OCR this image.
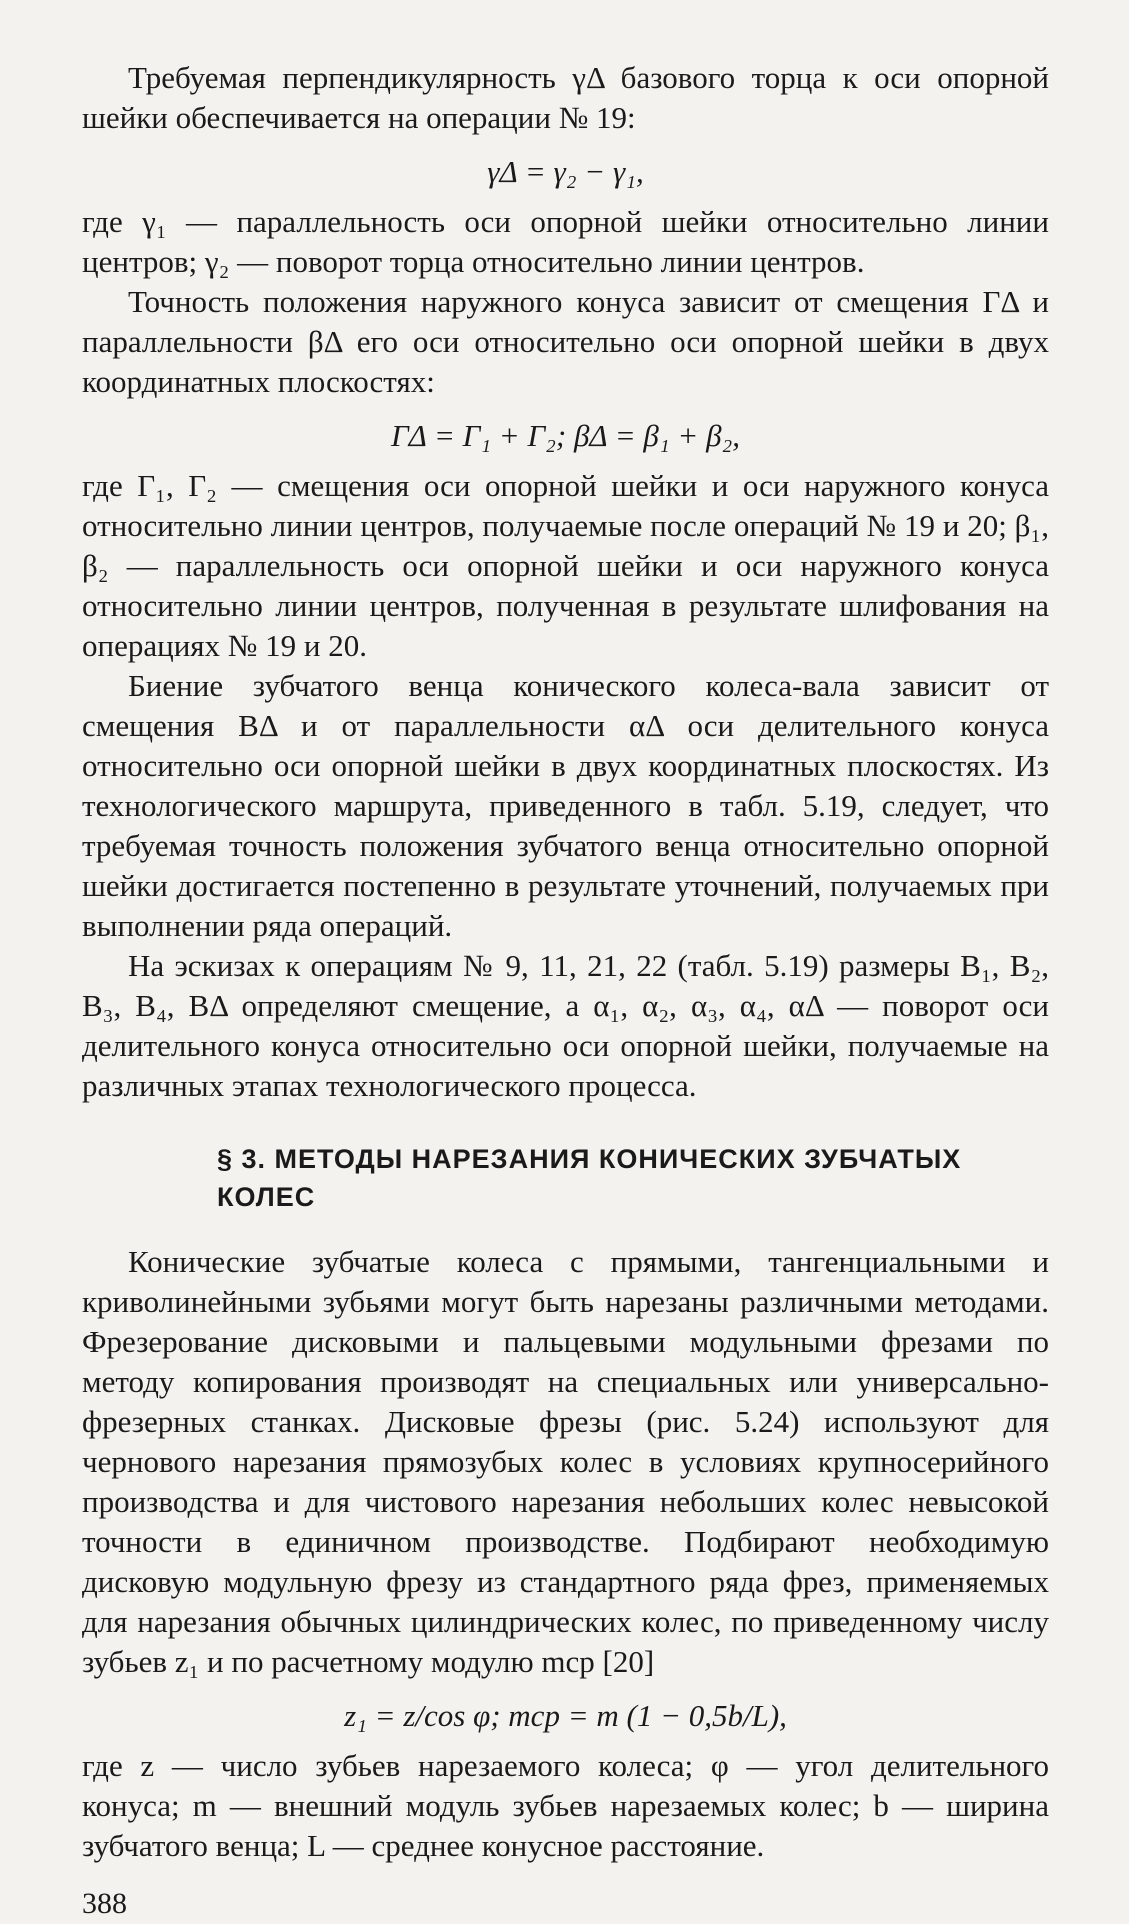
Требуемая перпендикулярность γΔ базового торца к оси опорной шейки обеспечивается на операции № 19:

γΔ = γ₂ − γ₁,

где γ₁ — параллельность оси опорной шейки относительно линии центров; γ₂ — поворот торца относительно линии центров.

Точность положения наружного конуса зависит от смещения ГΔ и параллельности βΔ его оси относительно оси опорной шейки в двух координатных плоскостях:

ГΔ = Г₁ + Г₂; βΔ = β₁ + β₂,

где Г₁, Г₂ — смещения оси опорной шейки и оси наружного конуса относительно линии центров, получаемые после операций № 19 и 20; β₁, β₂ — параллельность оси опорной шейки и оси наружного конуса относительно линии центров, полученная в результате шлифования на операциях № 19 и 20.

Биение зубчатого венца конического колеса-вала зависит от смещения BΔ и от параллельности αΔ оси делительного конуса относительно оси опорной шейки в двух координатных плоскостях. Из технологического маршрута, приведенного в табл. 5.19, следует, что требуемая точность положения зубчатого венца относительно опорной шейки достигается постепенно в результате уточнений, получаемых при выполнении ряда операций.

На эскизах к операциям № 9, 11, 21, 22 (табл. 5.19) размеры B₁, B₂, B₃, B₄, BΔ определяют смещение, а α₁, α₂, α₃, α₄, αΔ — поворот оси делительного конуса относительно оси опорной шейки, получаемые на различных этапах технологического процесса.

§ 3. МЕТОДЫ НАРЕЗАНИЯ КОНИЧЕСКИХ ЗУБЧАТЫХ КОЛЕС

Конические зубчатые колеса с прямыми, тангенциальными и криволинейными зубьями могут быть нарезаны различными методами. Фрезерование дисковыми и пальцевыми модульными фрезами по методу копирования производят на специальных или универсально-фрезерных станках. Дисковые фрезы (рис. 5.24) используют для чернового нарезания прямозубых колес в условиях крупносерийного производства и для чистового нарезания небольших колес невысокой точности в единичном производстве. Подбирают необходимую дисковую модульную фрезу из стандартного ряда фрез, применяемых для нарезания обычных цилиндрических колес, по приведенному числу зубьев z₁ и по расчетному модулю mср [20]

z₁ = z/cos φ; mср = m (1 − 0,5b/L),

где z — число зубьев нарезаемого колеса; φ — угол делительного конуса; m — внешний модуль зубьев нарезаемых колес; b — ширина зубчатого венца; L — среднее конусное расстояние.

388
